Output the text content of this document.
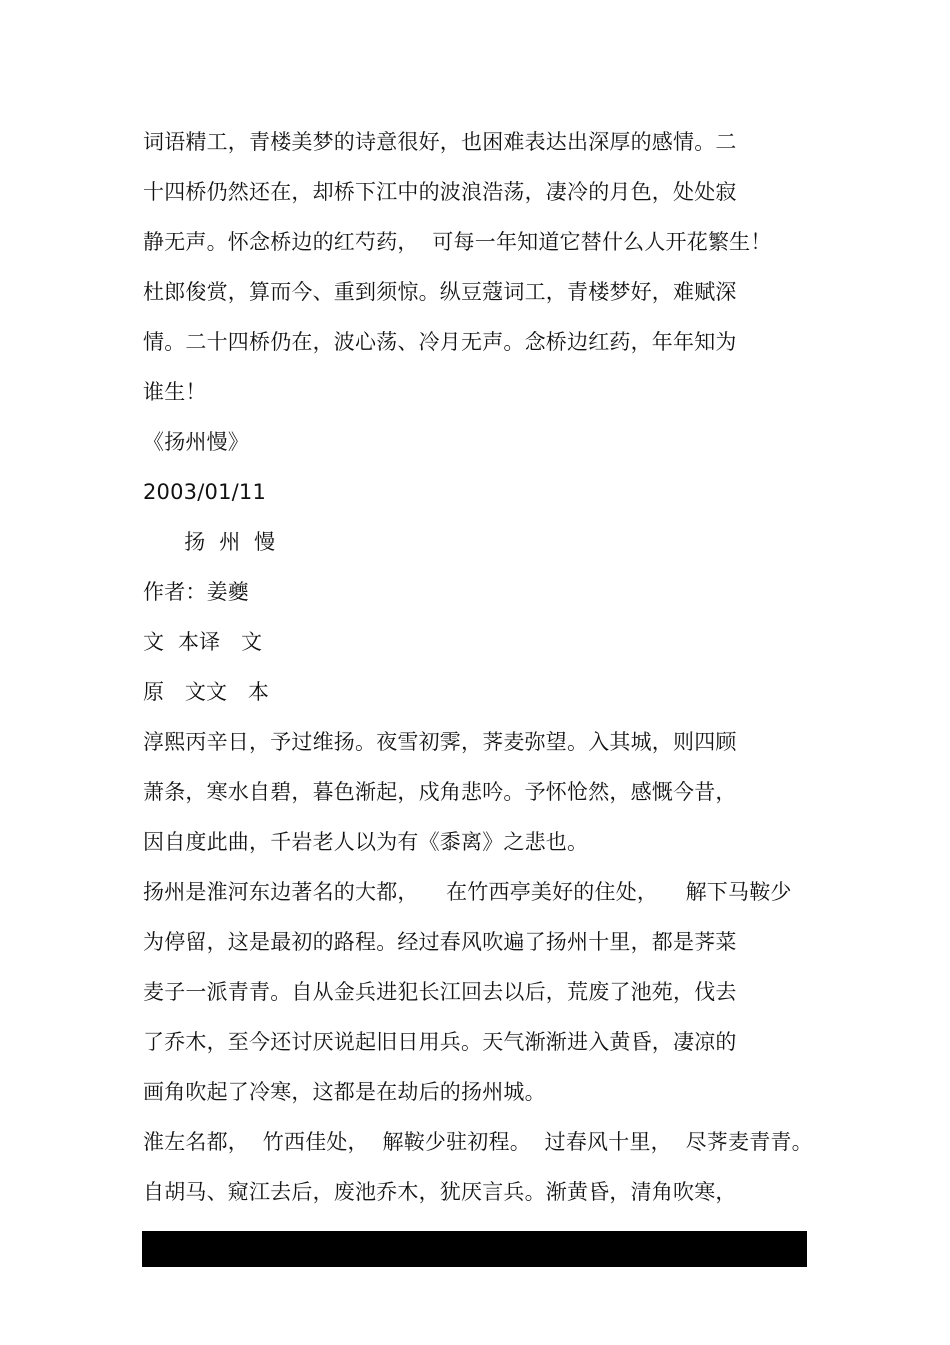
词语精工，青楼美梦的诗意很好，也困难表达出深厚的感情。二
十四桥仍然还在，却桥下江中的波浪浩荡，凄冷的月色，处处寂
静无声。怀念桥边的红芍药，  可每一年知道它替什么人开花繁生！
杜郎俊赏，算而今、重到须惊。纵豆蔻词工，青楼梦好，难赋深
情。二十四桥仍在，波心荡、冷月无声。念桥边红药，年年知为
谁生！
《扬州慢》
2003/01/11
扬  州  慢
作者：姜夔
文  本译   文
原   文文   本
淳熙丙辛日，予过维扬。夜雪初霁，荠麦弥望。入其城，则四顾
萧条，寒水自碧，暮色渐起，戍角悲吟。予怀怆然，感慨今昔，
因自度此曲，千岩老人以为有《黍离》之悲也。
扬州是淮河东边著名的大都，    在竹西亭美好的住处，    解下马鞍少
为停留，这是最初的路程。经过春风吹遍了扬州十里，都是荠菜
麦子一派青青。自从金兵进犯长江回去以后，荒废了池苑，伐去
了乔木，至今还讨厌说起旧日用兵。天气渐渐进入黄昏，凄凉的
画角吹起了冷寒，这都是在劫后的扬州城。
淮左名都，  竹西佳处，  解鞍少驻初程。  过春风十里，  尽荠麦青青。
自胡马、窥江去后，废池乔木，犹厌言兵。渐黄昏，清角吹寒，
